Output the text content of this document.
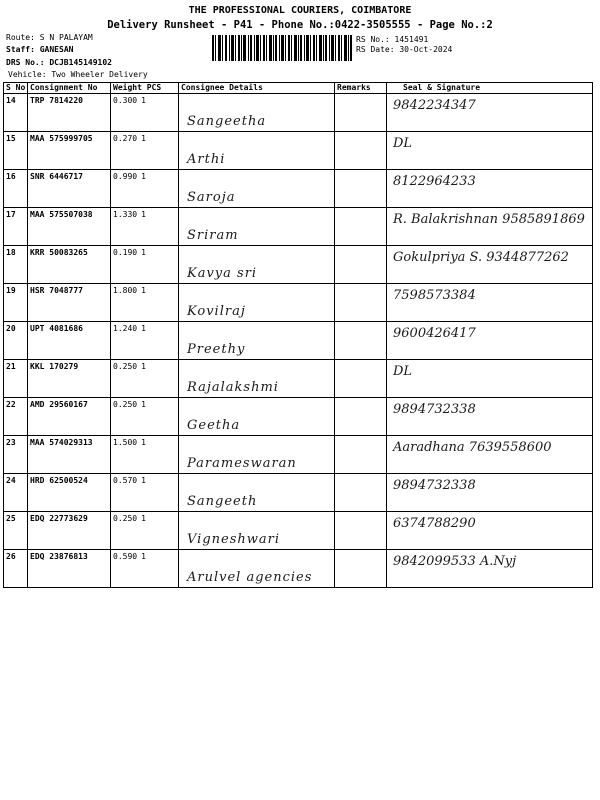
THE PROFESSIONAL COURIERS, COIMBATORE
Delivery Runsheet - P41 - Phone No.:0422-3505555 - Page No.:2
Route: S N PALAYAM
Staff: GANESAN
DRS No.: DCJB145149102
Vehicle: Two Wheeler Delivery
RS No.: 1451491
RS Date: 30-Oct-2024
S No	Consignment No	Weight PCS	Consignee Details	Remarks	Seal & Signature
14	TRP 7814220	0.300 1	Sangeetha		9842234347

15	MAA 575999705	0.270 1	Arthi		DL

16	SNR 6446717	0.990 1	Saroja		8122964233

17	MAA 575507038	1.330 1	Sriram		R. Balakrishnan 9585891869

18	KRR 50083265	0.190 1	Kavya sri		Gokulpriya S. 9344877262

19	HSR 7048777	1.800 1	Kovilraj		7598573384

20	UPT 4081686	1.240 1	Preethy		9600426417

21	KKL 170279	0.250 1	Rajalakshmi		DL

22	AMD 29560167	0.250 1	Geetha		9894732338

23	MAA 574029313	1.500 1	Parameswaran		Aaradhana 7639558600

24	HRD 62500524	0.570 1	Sangeeth		9894732338

25	EDQ 22773629	0.250 1	Vigneshwari		6374788290

26	EDQ 23876813	0.590 1	Arulvel agencies		9842099533 A.Nyj
